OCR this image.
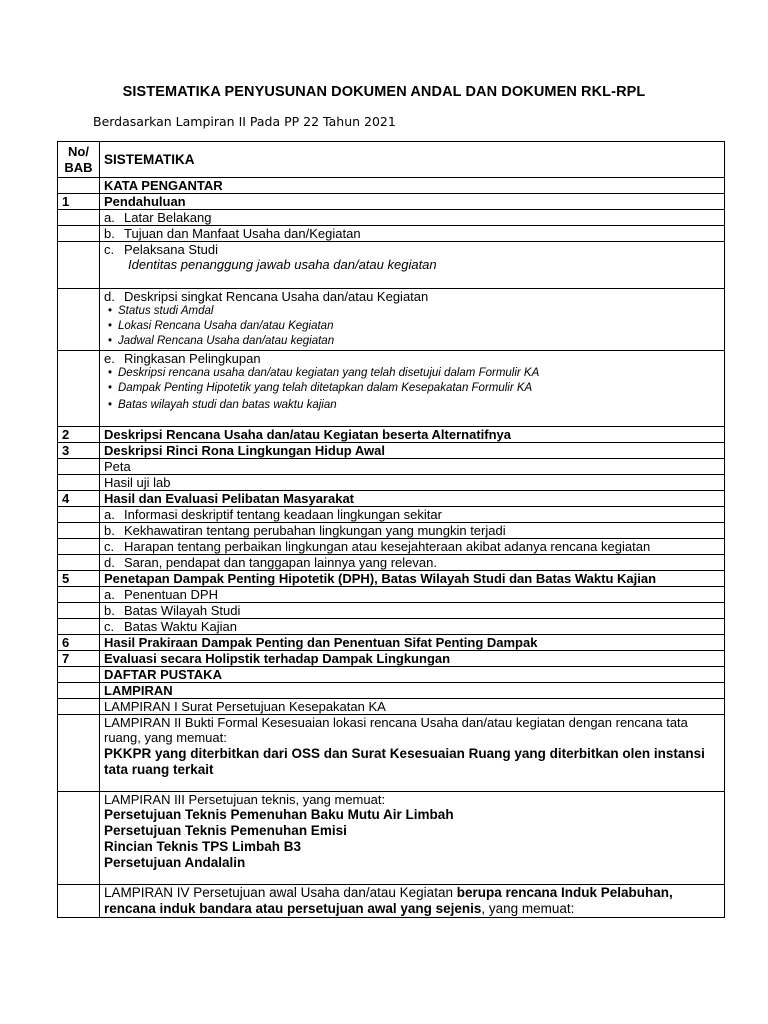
SISTEMATIKA PENYUSUNAN DOKUMEN ANDAL DAN DOKUMEN RKL-RPL
Berdasarkan Lampiran II Pada PP 22 Tahun 2021
No/
BAB	SISTEMATIKA
	KATA PENGANTAR
1	Pendahuluan
	a. Latar Belakang
	b. Tujuan dan Manfaat Usaha dan/Kegiatan

	c. Pelaksana Studi
Identitas penanggung jawab usaha dan/atau kegiatan

	d. Deskripsi singkat Rencana Usaha dan/atau Kegiatan
• Status studi Amdal
• Lokasi Rencana Usaha dan/atau Kegiatan
• Jadwal Rencana Usaha dan/atau kegiatan

	e. Ringkasan Pelingkupan
• Deskripsi rencana usaha dan/atau kegiatan yang telah disetujui dalam Formulir KA
• Dampak Penting Hipotetik yang telah ditetapkan dalam Kesepakatan Formulir KA
• Batas wilayah studi dan batas waktu kajian

2	Deskripsi Rencana Usaha dan/atau Kegiatan beserta Alternatifnya
3	Deskripsi Rinci Rona Lingkungan Hidup Awal
	Peta
	Hasil uji lab
4	Hasil dan Evaluasi Pelibatan Masyarakat
	a. Informasi deskriptif tentang keadaan lingkungan sekitar
	b. Kekhawatiran tentang perubahan lingkungan yang mungkin terjadi
	c. Harapan tentang perbaikan lingkungan atau kesejahteraan akibat adanya rencana kegiatan
	d. Saran, pendapat dan tanggapan lainnya yang relevan.
5	Penetapan Dampak Penting Hipotetik (DPH), Batas Wilayah Studi dan Batas Waktu Kajian
	a. Penentuan DPH
	b. Batas Wilayah Studi
	c. Batas Waktu Kajian
6	Hasil Prakiraan Dampak Penting dan Penentuan Sifat Penting Dampak
7	Evaluasi secara Holipstik terhadap Dampak Lingkungan
	DAFTAR PUSTAKA
	LAMPIRAN
	LAMPIRAN I Surat Persetujuan Kesepakatan KA

	LAMPIRAN II Bukti Formal Kesesuaian lokasi rencana Usaha dan/atau kegiatan dengan rencana tata ruang, yang memuat:
PKKPR yang diterbitkan dari OSS dan Surat Kesesuaian Ruang yang diterbitkan olen instansi tata ruang terkait

	LAMPIRAN III Persetujuan teknis, yang memuat:
Persetujuan Teknis Pemenuhan Baku Mutu Air Limbah
Persetujuan Teknis Pemenuhan Emisi
Rincian Teknis TPS Limbah B3
Persetujuan Andalalin

	LAMPIRAN IV Persetujuan awal Usaha dan/atau Kegiatan berupa rencana Induk Pelabuhan, rencana induk bandara atau persetujuan awal yang sejenis, yang memuat:
